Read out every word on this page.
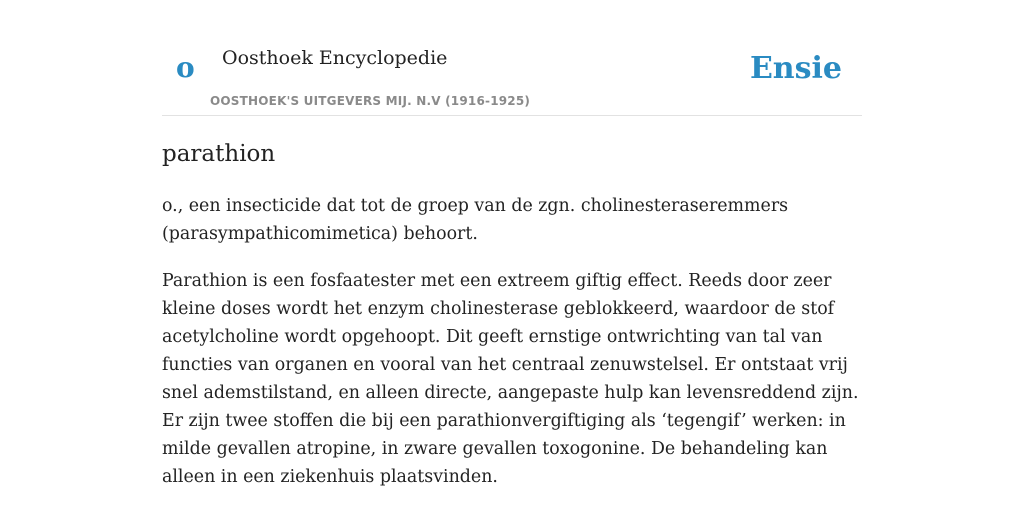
o Oosthoek Encyclopedie
OOSTHOEK'S UITGEVERS MIJ. N.V (1916-1925)
Ensie
parathion

o., een insecticide dat tot de groep van de zgn. cholinesteraseremmers (parasympathicomimetica) behoort.

Parathion is een fosfaatester met een extreem giftig effect. Reeds door zeer kleine doses wordt het enzym cholinesterase geblokkeerd, waardoor de stof acetylcholine wordt opgehoopt. Dit geeft ernstige ontwrichting van tal van functies van organen en vooral van het centraal zenuwstelsel. Er ontstaat vrij snel ademstilstand, en alleen directe, aangepaste hulp kan levensreddend zijn. Er zijn twee stoffen die bij een parathionvergiftiging als ‘tegengif’ werken: in milde gevallen atropine, in zware gevallen toxogonine. De behandeling kan alleen in een ziekenhuis plaatsvinden.
